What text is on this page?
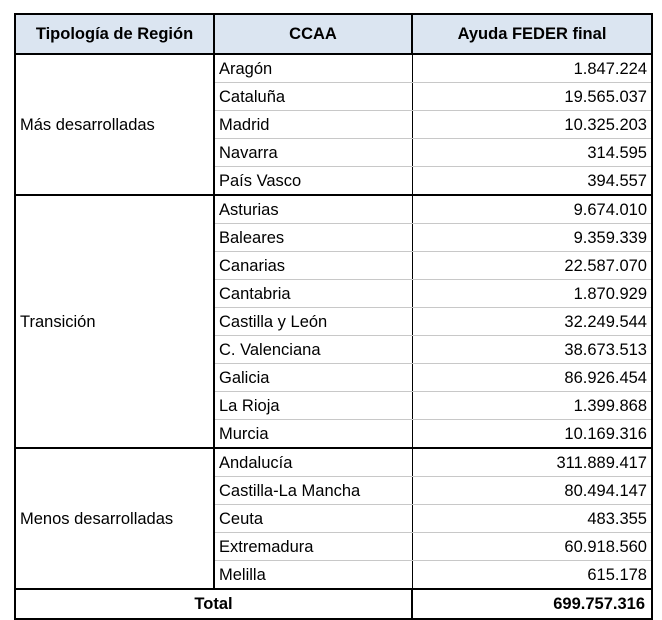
Tipología de Región	CCAA	Ayuda FEDER final
Más desarrolladas	Aragón	1.847.224
	Cataluña	19.565.037
	Madrid	10.325.203
	Navarra	314.595
	País Vasco	394.557
Transición	Asturias	9.674.010
	Baleares	9.359.339
	Canarias	22.587.070
	Cantabria	1.870.929
	Castilla y León	32.249.544
	C. Valenciana	38.673.513
	Galicia	86.926.454
	La Rioja	1.399.868
	Murcia	10.169.316
Menos desarrolladas	Andalucía	311.889.417
	Castilla-La Mancha	80.494.147
	Ceuta	483.355
	Extremadura	60.918.560
	Melilla	615.178
Total		699.757.316
